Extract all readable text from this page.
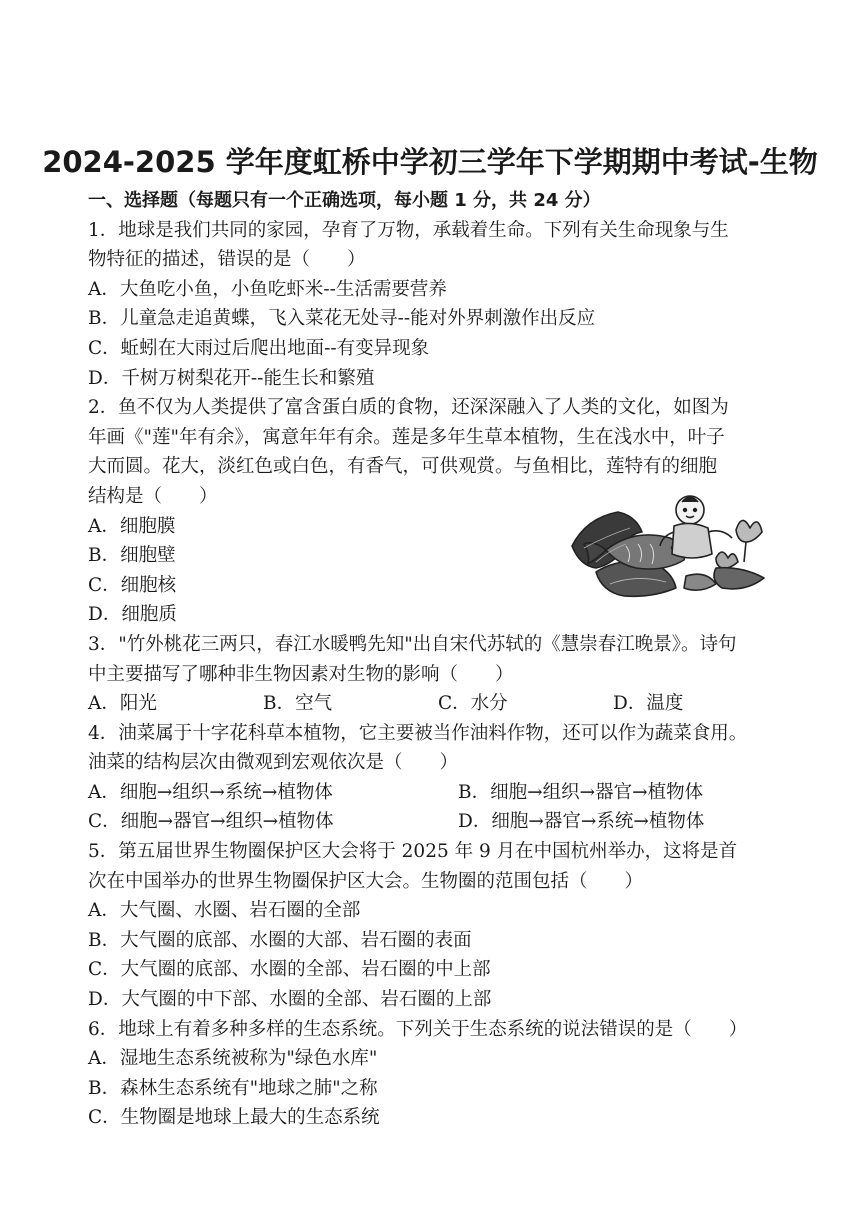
2024-2025 学年度虹桥中学初三学年下学期期中考试-生物
一、选择题（每题只有一个正确选项，每小题 1 分，共 24 分）
1．地球是我们共同的家园，孕育了万物，承载着生命。下列有关生命现象与生
物特征的描述，错误的是（　　）
A．大鱼吃小鱼，小鱼吃虾米--生活需要营养
B．儿童急走追黄蝶，飞入菜花无处寻--能对外界刺激作出反应
C．蚯蚓在大雨过后爬出地面--有变异现象
D．千树万树梨花开--能生长和繁殖
2．鱼不仅为人类提供了富含蛋白质的食物，还深深融入了人类的文化，如图为
年画《"莲"年有余》，寓意年年有余。莲是多年生草本植物，生在浅水中，叶子
大而圆。花大，淡红色或白色，有香气，可供观赏。与鱼相比，莲特有的细胞
结构是（　　）
A．细胞膜
B．细胞壁
C．细胞核
D．细胞质
3．"竹外桃花三两只，春江水暖鸭先知"出自宋代苏轼的《慧崇春江晚景》。诗句
中主要描写了哪种非生物因素对生物的影响（　　）
A．阳光	B．空气	C．水分	D．温度
4．油菜属于十字花科草本植物，它主要被当作油料作物，还可以作为蔬菜食用。
油菜的结构层次由微观到宏观依次是（　　）
A．细胞→组织→系统→植物体	B．细胞→组织→器官→植物体
C．细胞→器官→组织→植物体	D．细胞→器官→系统→植物体
5．第五届世界生物圈保护区大会将于 2025 年 9 月在中国杭州举办，这将是首
次在中国举办的世界生物圈保护区大会。生物圈的范围包括（　　）
A．大气圈、水圈、岩石圈的全部
B．大气圈的底部、水圈的大部、岩石圈的表面
C．大气圈的底部、水圈的全部、岩石圈的中上部
D．大气圈的中下部、水圈的全部、岩石圈的上部
6．地球上有着多种多样的生态系统。下列关于生态系统的说法错误的是（　　）
A．湿地生态系统被称为"绿色水库"
B．森林生态系统有"地球之肺"之称
C．生物圈是地球上最大的生态系统
